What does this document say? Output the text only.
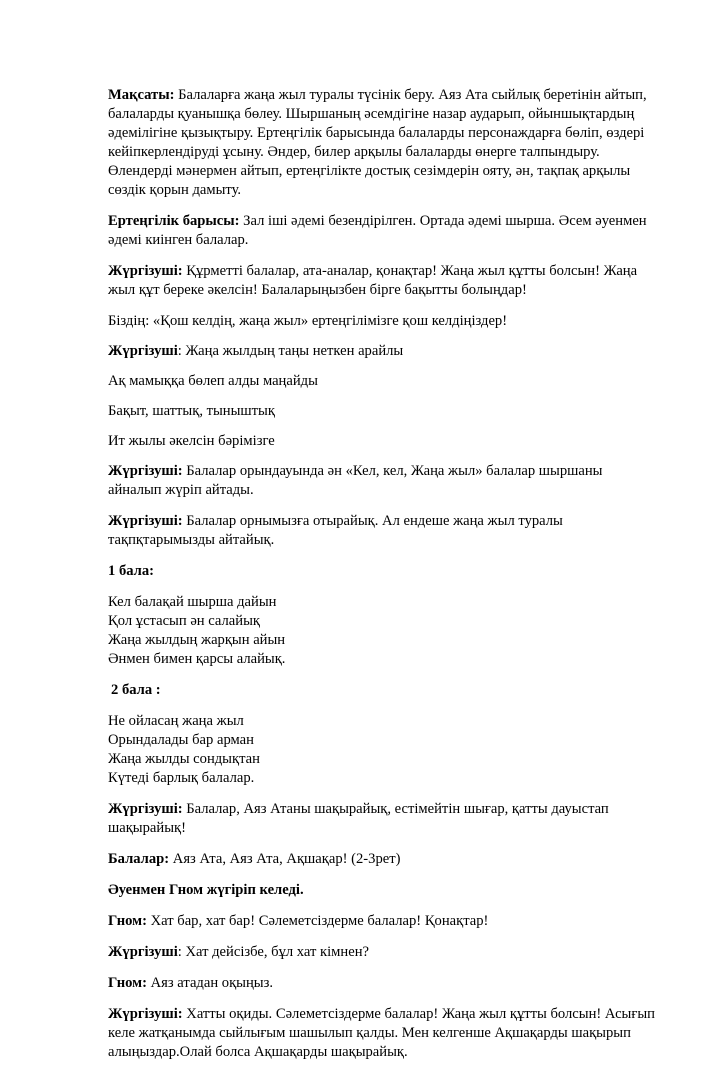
Мақсаты: Балаларға жаңа жыл туралы түсінік беру. Аяз Ата сыйлық беретінін айтып, балаларды қуанышқа бөлеу. Шыршаның әсемдігіне назар аударып, ойыншықтардың әдемілігіне қызықтыру. Ертеңгілік барысында балаларды персонаждарға бөліп, өздері кейіпкерлендіруді ұсыну. Әндер, билер арқылы балаларды өнерге талпындыру. Өлендерді мәнермен айтып, ертеңгілікте достық сезімдерін ояту, ән, тақпақ арқылы сөздік қорын дамыту.

Ертеңгілік барысы: Зал іші әдемі безендірілген. Ортада әдемі шырша. Әсем әуенмен әдемі киінген балалар.

Жүргізуші: Құрметті балалар, ата-аналар, қонақтар! Жаңа жыл құтты болсын! Жаңа жыл құт береке әкелсін! Балаларыңызбен бірге бақытты болыңдар!

Біздің: «Қош келдің, жаңа жыл» ертеңгілімізге қош келдіңіздер!

Жүргізуші: Жаңа жылдың таңы неткен арайлы

Ақ мамыққа бөлеп алды маңайды

Бақыт, шаттық, тыныштық

Ит жылы әкелсін бәрімізге

Жүргізуші: Балалар орындауында ән «Кел, кел, Жаңа жыл» балалар шыршаны айналып жүріп айтады.

Жүргізуші: Балалар орнымызға отырайық. Ал ендеше жаңа жыл туралы тақпқтарымызды айтайық.

1 бала:

Кел балақай шырша дайын
Қол ұстасып ән салайық
Жаңа жылдың жарқын айын
Әнмен бимен қарсы алайық.

2 бала :

Не ойласаң жаңа жыл
Орындалады бар арман
Жаңа жылды сондықтан
Күтеді барлық балалар.

Жүргізуші: Балалар, Аяз Атаны шақырайық, естімейтін шығар, қатты дауыстап шақырайық!

Балалар: Аяз Ата, Аяз Ата, Ақшақар! (2-3рет)

Әуенмен Гном жүгіріп келеді.

Гном: Хат бар, хат бар! Сәлеметсіздерме балалар! Қонақтар!

Жүргізуші: Хат дейсізбе, бұл хат кімнен?

Гном: Аяз атадан оқыңыз.

Жүргізуші: Хатты оқиды. Сәлеметсіздерме балалар! Жаңа жыл құтты болсын! Асығып келе жатқанымда сыйлығым шашылып қалды. Мен келгенше Ақшақарды шақырып алыңыздар.Олай болса Ақшақарды шақырайық.
